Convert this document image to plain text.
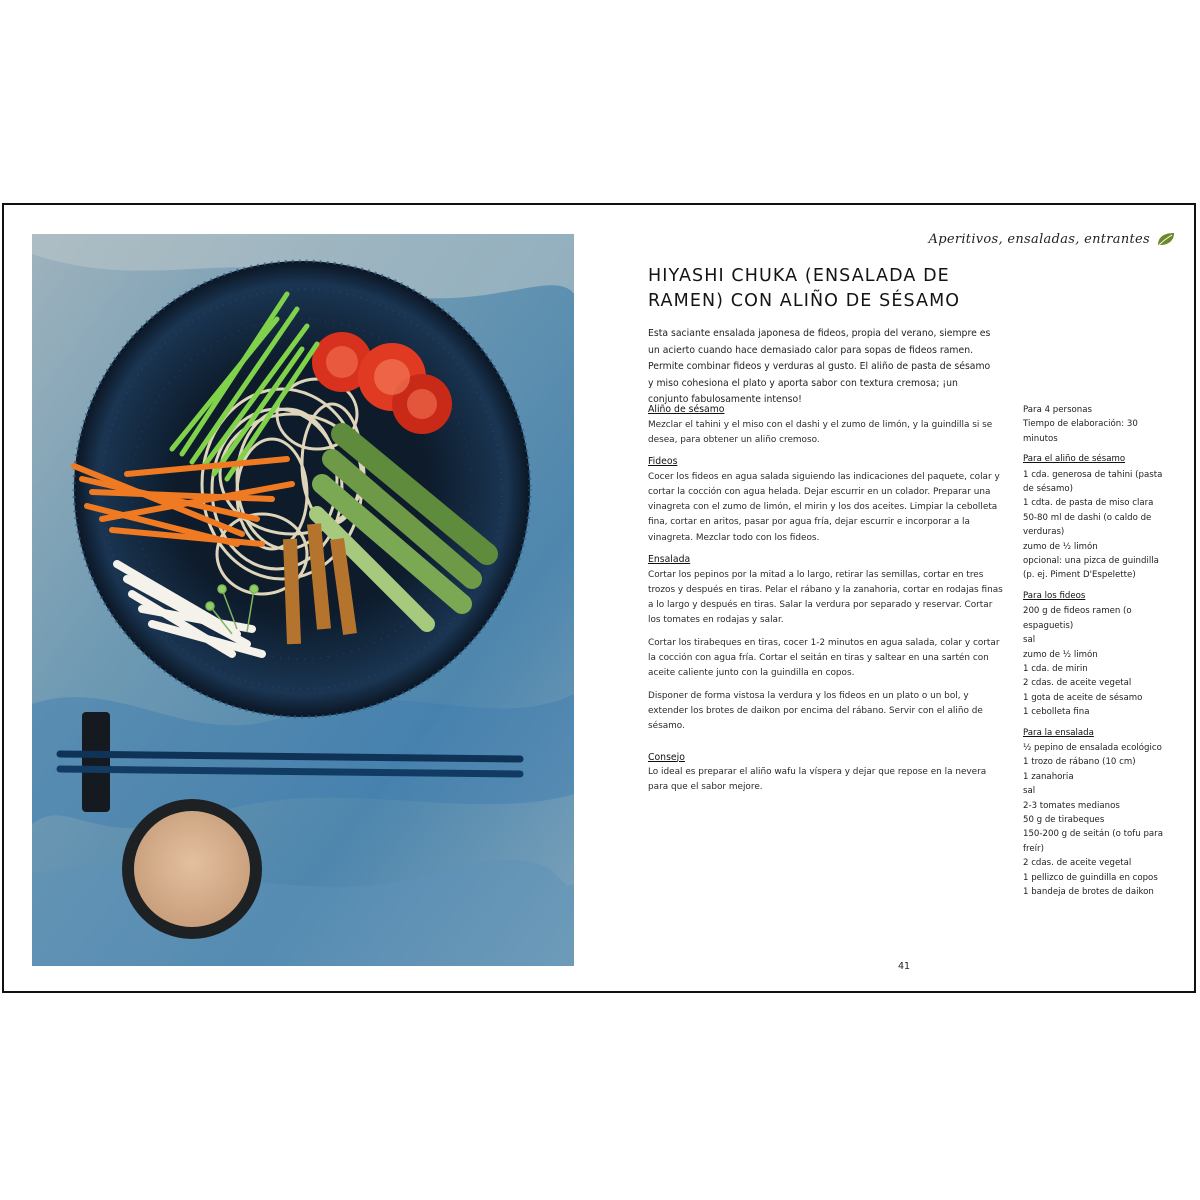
Aperitivos, ensaladas, entrantes
HIYASHI CHUKA (ENSALADA DE
RAMEN) CON ALIÑO DE SÉSAMO

Esta saciante ensalada japonesa de fideos, propia del verano, siempre es un acierto cuando hace demasiado calor para sopas de fideos ramen. Permite combinar fideos y verduras al gusto. El aliño de pasta de sésamo y miso cohesiona el plato y aporta sabor con textura cremosa; ¡un conjunto fabulosamente intenso!

Aliño de sésamo

Mezclar el tahini y el miso con el dashi y el zumo de limón, y la guindilla si se desea, para obtener un aliño cremoso.

Fideos

Cocer los fideos en agua salada siguiendo las indicaciones del paquete, colar y cortar la cocción con agua helada. Dejar escurrir en un colador. Preparar una vinagreta con el zumo de limón, el mirin y los dos aceites. Limpiar la cebolleta fina, cortar en aritos, pasar por agua fría, dejar escurrir e incorporar a la vinagreta. Mezclar todo con los fideos.

Ensalada

Cortar los pepinos por la mitad a lo largo, retirar las semillas, cortar en tres trozos y después en tiras. Pelar el rábano y la zanahoria, cortar en rodajas finas a lo largo y después en tiras. Salar la verdura por separado y reservar. Cortar los tomates en rodajas y salar.

Cortar los tirabeques en tiras, cocer 1-2 minutos en agua salada, colar y cortar la cocción con agua fría. Cortar el seitán en tiras y saltear en una sartén con aceite caliente junto con la guindilla en copos.

Disponer de forma vistosa la verdura y los fideos en un plato o un bol, y extender los brotes de daikon por encima del rábano. Servir con el aliño de sésamo.

Consejo

Lo ideal es preparar el aliño wafu la víspera y dejar que repose en la nevera para que el sabor mejore.

Para 4 personas

Tiempo de elaboración: 30 minutos

Para el aliño de sésamo

1 cda. generosa de tahini (pasta de sésamo)
1 cdta. de pasta de miso clara
50-80 ml de dashi (o caldo de verduras)
zumo de ½ limón
opcional: una pizca de guindilla (p. ej. Piment D'Espelette)

Para los fideos

200 g de fideos ramen (o espaguetis)
sal
zumo de ½ limón
1 cda. de mirin
2 cdas. de aceite vegetal
1 gota de aceite de sésamo
1 cebolleta fina

Para la ensalada

½ pepino de ensalada ecológico
1 trozo de rábano (10 cm)
1 zanahoria
sal
2-3 tomates medianos
50 g de tirabeques
150-200 g de seitán (o tofu para freír)
2 cdas. de aceite vegetal
1 pellizco de guindilla en copos
1 bandeja de brotes de daikon
41
